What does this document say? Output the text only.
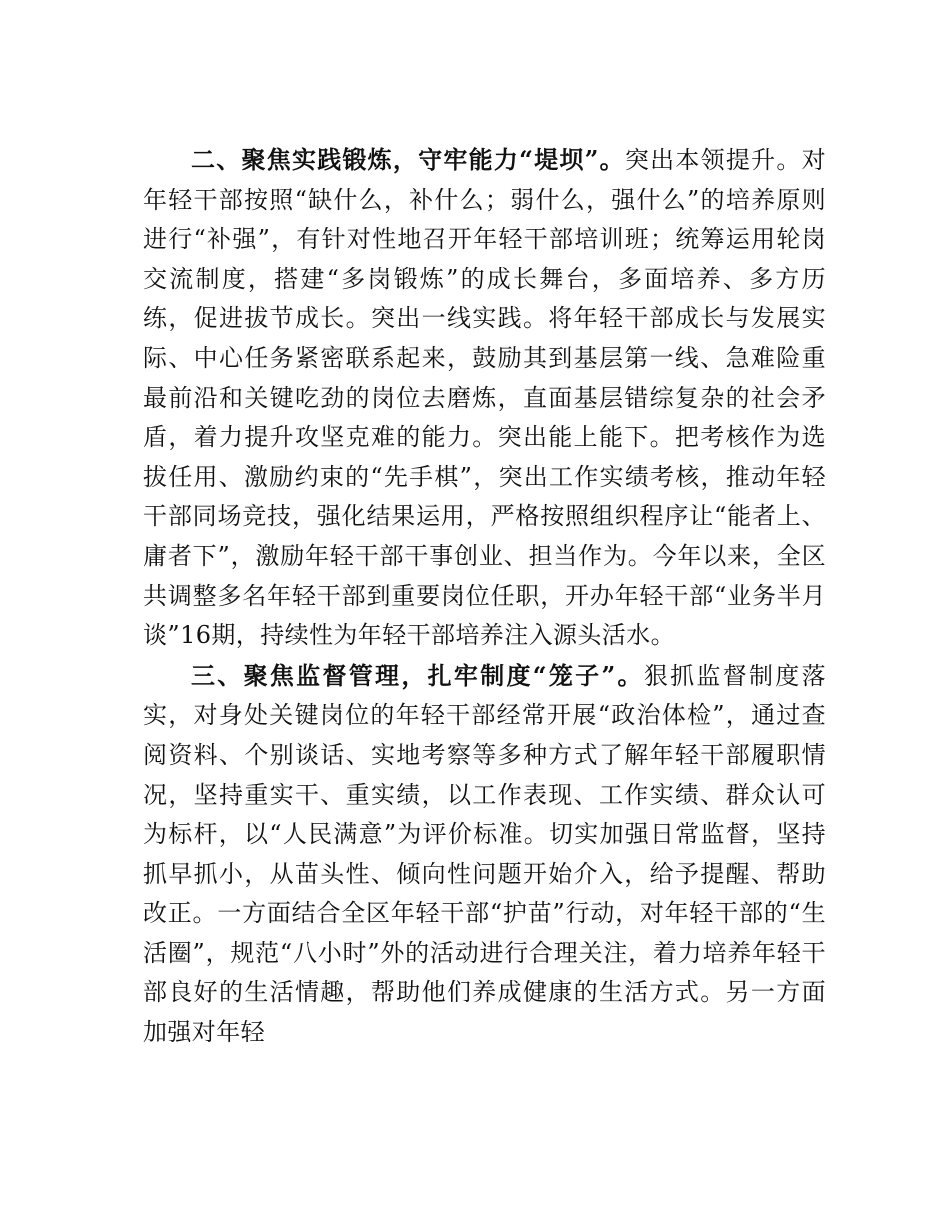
二、聚焦实践锻炼，守牢能力“堤坝”。突出本领提升。对年轻干部按照“缺什么，补什么；弱什么，强什么”的培养原则进行“补强”，有针对性地召开年轻干部培训班；统筹运用轮岗交流制度，搭建“多岗锻炼”的成长舞台，多面培养、多方历练，促进拔节成长。突出一线实践。将年轻干部成长与发展实际、中心任务紧密联系起来，鼓励其到基层第一线、急难险重最前沿和关键吃劲的岗位去磨炼，直面基层错综复杂的社会矛盾，着力提升攻坚克难的能力。突出能上能下。把考核作为选拔任用、激励约束的“先手棋”，突出工作实绩考核，推动年轻干部同场竞技，强化结果运用，严格按照组织程序让“能者上、庸者下”，激励年轻干部干事创业、担当作为。今年以来，全区共调整多名年轻干部到重要岗位任职，开办年轻干部“业务半月谈”16期，持续性为年轻干部培养注入源头活水。

三、聚焦监督管理，扎牢制度“笼子”。狠抓监督制度落实，对身处关键岗位的年轻干部经常开展“政治体检”，通过查阅资料、个别谈话、实地考察等多种方式了解年轻干部履职情况，坚持重实干、重实绩，以工作表现、工作实绩、群众认可为标杆，以“人民满意”为评价标准。切实加强日常监督，坚持抓早抓小，从苗头性、倾向性问题开始介入，给予提醒、帮助改正。一方面结合全区年轻干部“护苗”行动，对年轻干部的“生活圈”，规范“八小时”外的活动进行合理关注，着力培养年轻干部良好的生活情趣，帮助他们养成健康的生活方式。另一方面加强对年轻
